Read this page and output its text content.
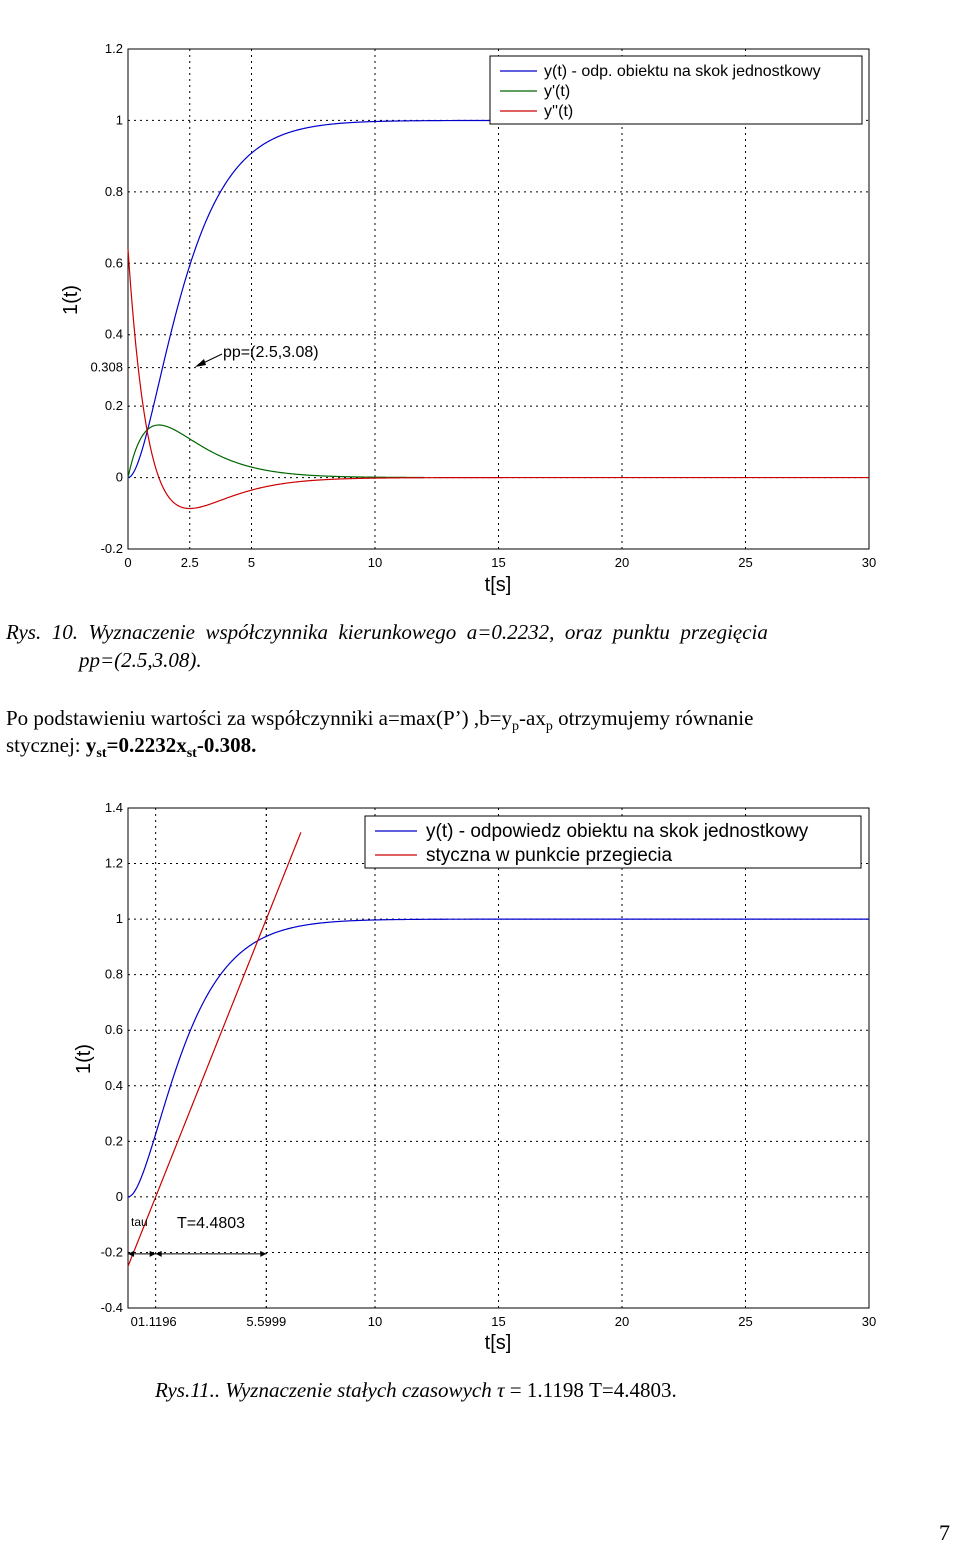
0	2.5	5	10	15	20	25	30
-0.2
0
0.2
0.308
0.4
0.6
0.8
1
1.2
y(t) - odp. obiektu na skok jednostkowy
y'(t)
y''(t)
pp=(2.5,3.08)
1(t)
t[s]

Rys.  10.  Wyznaczenie  współczynnika  kierunkowego  a=0.2232,  oraz  punktu  przegięcia

pp=(2.5,3.08).

Po podstawieniu wartości za współczynniki a=max(P’) $,b=y_p-ax_p$ otrzymujemy równanie

stycznej: $y_{st}=0.2232x_{st}-0.308$.

01.1196	5.5999	10	15	20	25	30
-0.4
-0.2
0
0.2
0.4
0.6
0.8
1
1.2
1.4
y(t) - odpowiedz obiektu na skok jednostkowy
styczna w punkcie przegiecia
tau T=4.4803
1(t)
t[s]

Rys.11.. Wyznaczenie stałych czasowych τ = 1.1198 T=4.4803.

7
